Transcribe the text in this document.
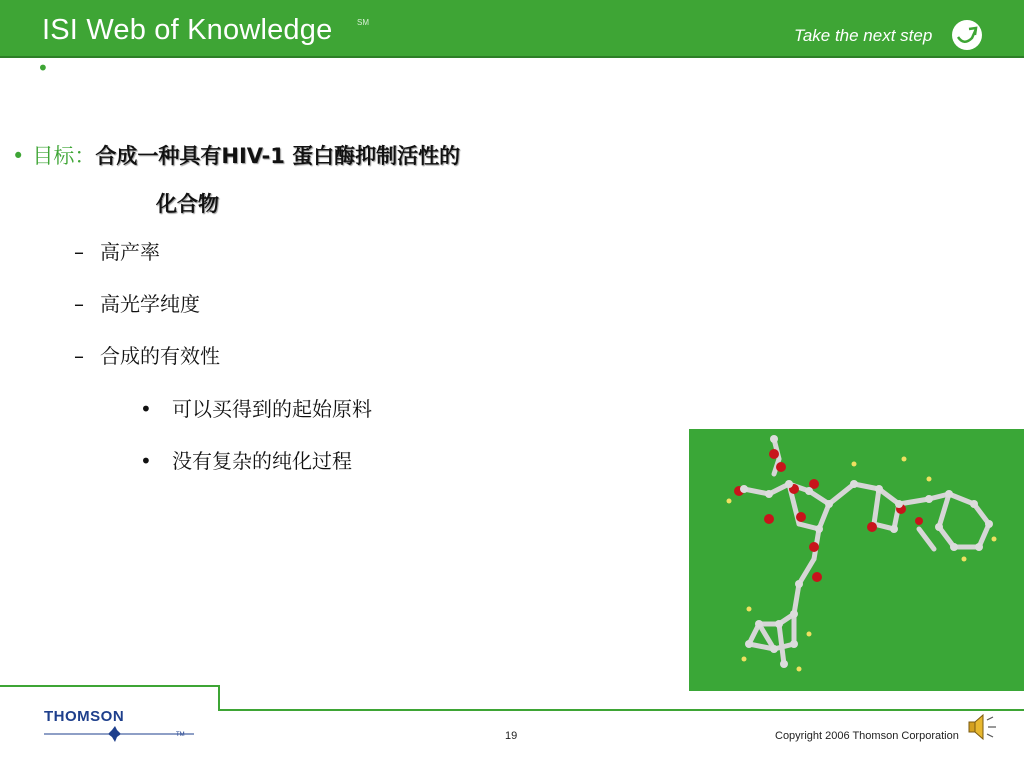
ISI Web of Knowledge	SM
Take the next step
•
• 目标：合成一种具有HIV-1 蛋白酶抑制活性的
化合物
– 高产率
– 高光学纯度
– 合成的有效性
• 可以买得到的起始原料
• 没有复杂的纯化过程
THOMSON
TM	19	Copyright 2006 Thomson Corporation
